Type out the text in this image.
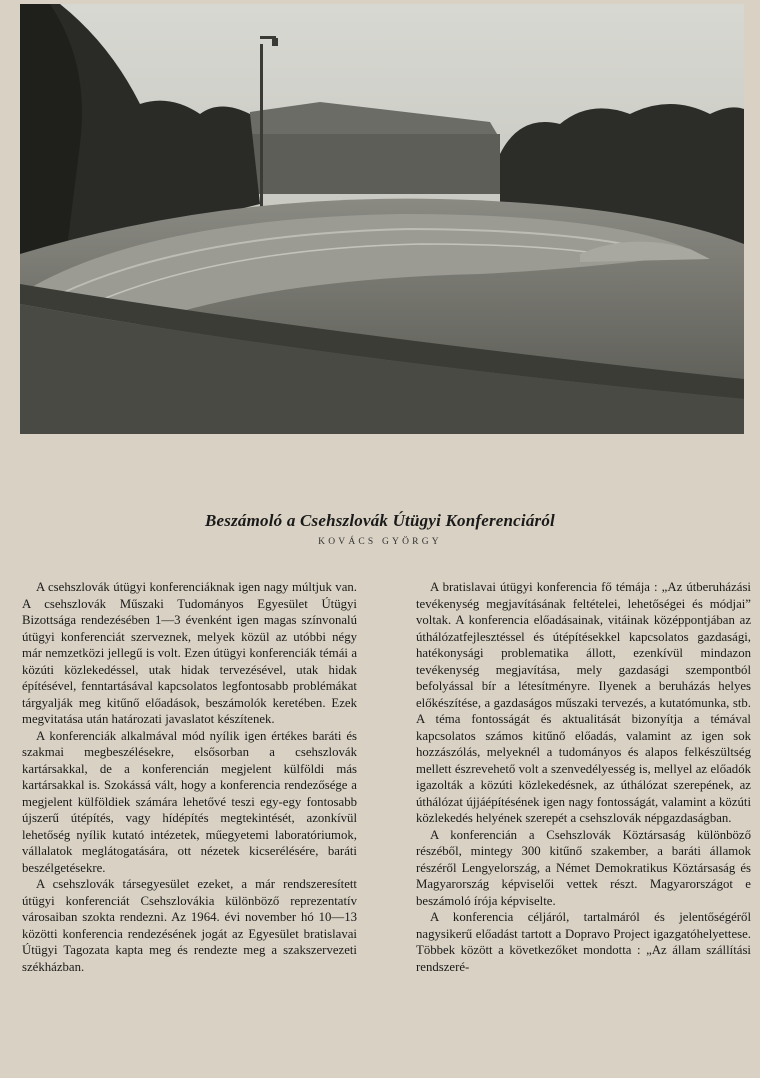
Beszámoló a Csehszlovák Útügyi Konferenciáról
KOVÁCS GYÖRGY

A csehszlovák útügyi konferenciáknak igen nagy múltjuk van. A csehszlovák Műszaki Tudományos Egyesület Útügyi Bizottsága rendezésében 1—3 évenként igen magas színvonalú útügyi konferenciát szerveznek, melyek közül az utóbbi négy már nemzetközi jellegű is volt. Ezen útügyi konferenciák témái a közúti közlekedéssel, utak hidak tervezésével, utak hidak építésével, fenntartásával kapcsolatos legfontosabb problémákat tárgyalják meg kitűnő előadások, beszámolók keretében. Ezek megvitatása után határozati javaslatot készítenek.

A konferenciák alkalmával mód nyílik igen értékes baráti és szakmai megbeszélésekre, elsősorban a csehszlovák kartársakkal, de a konferencián megjelent külföldi más kartársakkal is. Szokássá vált, hogy a konferencia rendezősége a megjelent külföldiek számára lehetővé teszi egy-egy fontosabb újszerű útépítés, vagy hídépítés megtekintését, azonkívül lehetőség nyílik kutató intézetek, műegyetemi laboratóriumok, vállalatok meglátogatására, ott nézetek kicserélésére, baráti beszélgetésekre.

A csehszlovák társegyesület ezeket, a már rendszeresített útügyi konferenciát Csehszlovákia különböző reprezentatív városaiban szokta rendezni. Az 1964. évi november hó 10—13 közötti konferencia rendezésének jogát az Egyesület bratislavai Útügyi Tagozata kapta meg és rendezte meg a szakszervezeti székházban.

A bratislavai útügyi konferencia fő témája : „Az útberuházási tevékenység megjavításának feltételei, lehetőségei és módjai” voltak. A konferencia előadásainak, vitáinak középpontjában az úthálózatfejlesztéssel és útépítésekkel kapcsolatos gazdasági, hatékonysági problematika állott, ezenkívül mindazon tevékenység megjavítása, mely gazdasági szempontból befolyással bír a létesítményre. Ilyenek a beruházás helyes előkészítése, a gazdaságos műszaki tervezés, a kutatómunka, stb. A téma fontosságát és aktualitását bizonyítja a témával kapcsolatos számos kitűnő előadás, valamint az igen sok hozzászólás, melyeknél a tudományos és alapos felkészültség mellett észrevehető volt a szenvedélyesség is, mellyel az előadók igazolták a közúti közlekedésnek, az úthálózat szerepének, az úthálózat újjáépítésének igen nagy fontosságát, valamint a közúti közlekedés helyének szerepét a csehszlovák népgazdaságban.

A konferencián a Csehszlovák Köztársaság különböző részéből, mintegy 300 kitűnő szakember, a baráti államok részéről Lengyelország, a Német Demokratikus Köztársaság és Magyarország képviselői vettek részt. Magyarországot e beszámoló írója képviselte.

A konferencia céljáról, tartalmáról és jelentőségéről nagysikerű előadást tartott a Dopravo Project igazgatóhelyettese. Többek között a következőket mondotta : „Az állam szállítási rendszeré-
